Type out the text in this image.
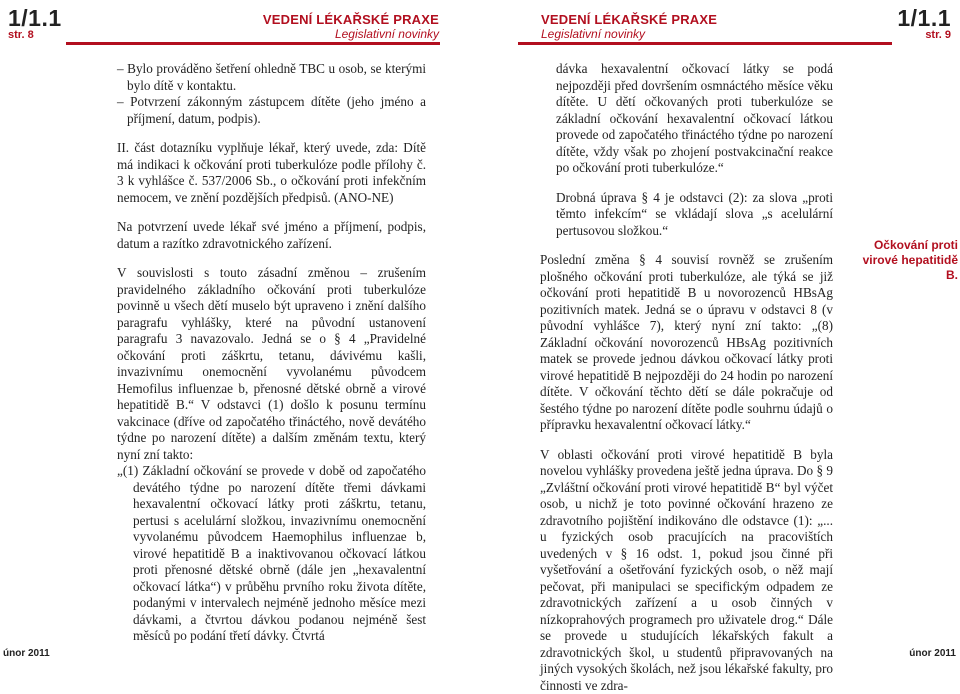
1/1.1
str. 8
VEDENÍ LÉKAŘSKÉ PRAXE
Legislativní novinky
VEDENÍ LÉKAŘSKÉ PRAXE
Legislativní novinky
1/1.1
str. 9

– Bylo prováděno šetření ohledně TBC u osob, se kterými bylo dítě v kontaktu.

– Potvrzení zákonným zástupcem dítěte (jeho jméno a příjmení, datum, podpis).

II. část dotazníku vyplňuje lékař, který uvede, zda: Dítě má indikaci k očkování proti tuberkulóze podle přílohy č. 3 k vyhlášce č. 537/2006 Sb., o očkování proti infekčním nemocem, ve znění pozdějších předpisů. (ANO-NE)

Na potvrzení uvede lékař své jméno a příjmení, podpis, datum a razítko zdravotnického zařízení.

V souvislosti s touto zásadní změnou – zrušením pravidelného základního očkování proti tuberkulóze povinně u všech dětí muselo být upraveno i znění dalšího paragrafu vyhlášky, které na původní ustanovení paragrafu 3 navazovalo. Jedná se o § 4 „Pravidelné očkování proti záškrtu, tetanu, dávivému kašli, invazivnímu onemocnění vyvolanému původcem Hemofilus influenzae b, přenosné dětské obrně a virové hepatitidě B.“ V odstavci (1) došlo k posunu termínu vakcinace (dříve od započatého třináctého, nově devátého týdne po narození dítěte) a dalším změnám textu, který nyní zní takto:

„(1) Základní očkování se provede v době od započatého devátého týdne po narození dítěte třemi dávkami hexavalentní očkovací látky proti záškrtu, tetanu, pertusi s acelulární složkou, invazivnímu onemocnění vyvolanému původcem Haemophilus influenzae b, virové hepatitidě B a inaktivovanou očkovací látkou proti přenosné dětské obrně (dále jen „hexavalentní očkovací látka“) v průběhu prvního roku života dítěte, podanými v intervalech nejméně jednoho měsíce mezi dávkami, a čtvrtou dávkou podanou nejméně šest měsíců po podání třetí dávky. Čtvrtá

dávka hexavalentní očkovací látky se podá nejpozději před dovršením osmnáctého měsíce věku dítěte. U dětí očkovaných proti tuberkulóze se základní očkování hexavalentní očkovací látkou provede od započatého třináctého týdne po narození dítěte, vždy však po zhojení postvakcinační reakce po očkování proti tuberkulóze.“

Drobná úprava § 4 je odstavci (2): za slova „proti těmto infekcím“ se vkládají slova „s acelulární pertusovou složkou.“

Poslední změna § 4 souvisí rovněž se zrušením plošného očkování proti tuberkulóze, ale týká se již očkování proti hepatitidě B u novorozenců HBsAg pozitivních matek. Jedná se o úpravu v odstavci 8 (v původní vyhlášce 7), který nyní zní takto: „(8) Základní očkování novorozenců HBsAg pozitivních matek se provede jednou dávkou očkovací látky proti virové hepatitidě B nejpozději do 24 hodin po narození dítěte. V očkování těchto dětí se dále pokračuje od šestého týdne po narození dítěte podle souhrnu údajů o přípravku hexavalentní očkovací látky.“

V oblasti očkování proti virové hepatitidě B byla novelou vyhlášky provedena ještě jedna úprava. Do § 9 „Zvláštní očkování proti virové hepatitidě B“ byl výčet osob, u nichž je toto povinné očkování hrazeno ze zdravotního pojištění indikováno dle odstavce (1): „... u fyzických osob pracujících na pracovištích uvedených v § 16 odst. 1, pokud jsou činné při vyšetřování a ošetřování fyzických osob, o něž mají pečovat, při manipulaci se specifickým odpadem ze zdravotnických zařízení a u osob činných v nízkoprahových programech pro uživatele drog.“ Dále se provede u studujících lékařských fakult a zdravotnických škol, u studentů připravovaných na jiných vysokých školách, než jsou lékařské fakulty, pro činnosti ve zdra-

Očkování proti virové hepatitidě B.
únor 2011	únor 2011
